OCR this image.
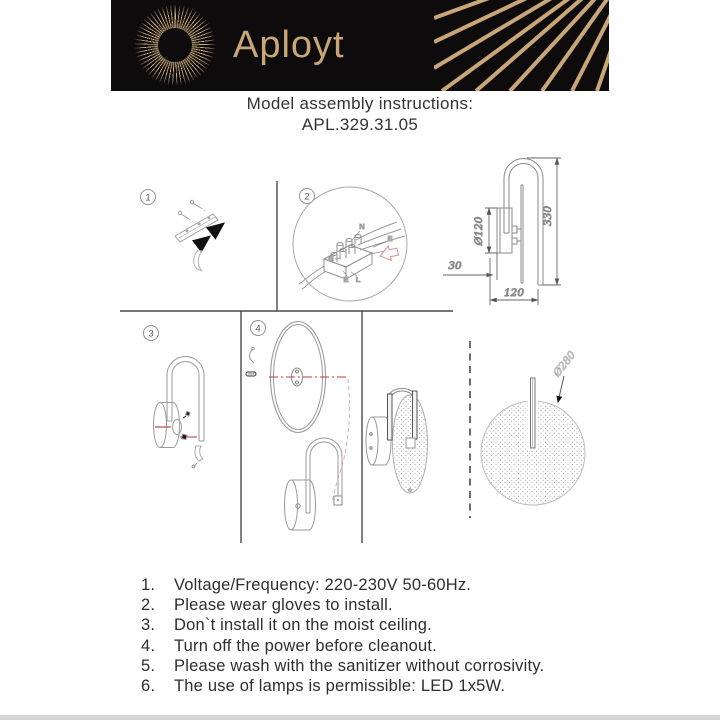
Aployt
Model assembly instructions:
APL.329.31.05
1	2
3	4
N
E
N
E L
Ø120
330
30
120
Ø280
1.	Voltage/Frequency: 220-230V 50-60Hz.
2.	Please wear gloves to install.
3.	Don`t install it on the moist ceiling.
4.	Turn off the power before cleanout.
5.	Please wash with the sanitizer without corrosivity.
6.	The use of lamps is permissible: LED 1x5W.
